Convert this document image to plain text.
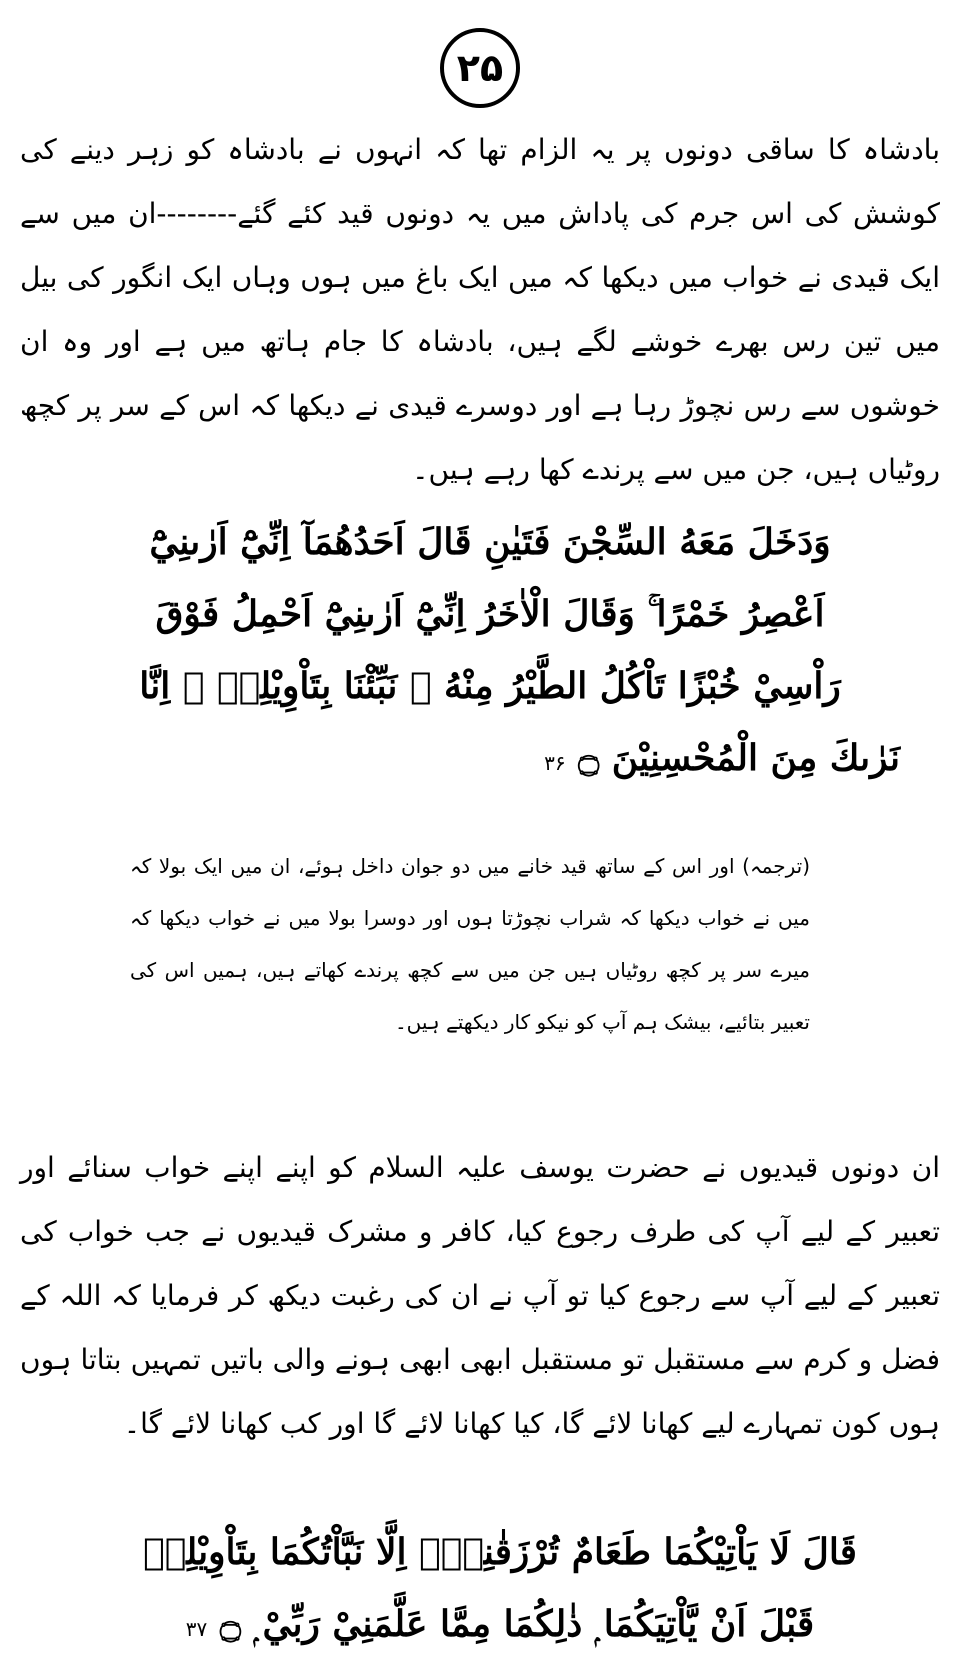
۲۵

بادشاہ کا ساقی دونوں پر یہ الزام تھا کہ انہوں نے بادشاہ کو زہر دینے کی کوشش کی اس جرم کی پاداش میں یہ دونوں قید کئے گئے--------ان میں سے ایک قیدی نے خواب میں دیکھا کہ میں ایک باغ میں ہوں وہاں ایک انگور کی بیل میں تین رس بھرے خوشے لگے ہیں، بادشاہ کا جام ہاتھ میں ہے اور وہ ان خوشوں سے رس نچوڑ رہا ہے اور دوسرے قیدی نے دیکھا کہ اس کے سر پر کچھ روٹیاں ہیں، جن میں سے پرندے کھا رہے ہیں۔

وَدَخَلَ مَعَهُ السِّجْنَ فَتَيٰنِ قَالَ اَحَدُهُمَآ اِنِّيْٓ اَرٰىنِيْٓ
اَعْصِرُ خَمْرًا ۚ وَقَالَ الْاٰخَرُ اِنِّيْٓ اَرٰىنِيْٓ اَحْمِلُ فَوْقَ
رَاْسِيْ خُبْزًا تَاْكُلُ الطَّيْرُ مِنْهُ ۭ نَبِّئْنَا بِتَاْوِيْلِهٖ ۚ اِنَّا
نَرٰىكَ مِنَ الْمُحْسِنِيْنَ ۝ ۳۶

(ترجمہ) اور اس کے ساتھ قید خانے میں دو جوان داخل ہوئے، ان میں ایک بولا کہ میں نے خواب دیکھا کہ شراب نچوڑتا ہوں اور دوسرا بولا میں نے خواب دیکھا کہ میرے سر پر کچھ روٹیاں ہیں جن میں سے کچھ پرندے کھاتے ہیں، ہمیں اس کی تعبیر بتائیے، بیشک ہم آپ کو نیکو کار دیکھتے ہیں۔

ان دونوں قیدیوں نے حضرت یوسف علیہ السلام کو اپنے اپنے خواب سنائے اور تعبیر کے لیے آپ کی طرف رجوع کیا، کافر و مشرک قیدیوں نے جب خواب کی تعبیر کے لیے آپ سے رجوع کیا تو آپ نے ان کی رغبت دیکھ کر فرمایا کہ اللہ کے فضل و کرم سے مستقبل تو مستقبل ابھی ابھی ہونے والی باتیں تمہیں بتاتا ہوں ہوں کون تمہارے لیے کھانا لائے گا، کیا کھانا لائے گا اور کب کھانا لائے گا۔

قَالَ لَا يَاْتِيْكُمَا طَعَامٌ تُرْزَقٰنِهٖٓ اِلَّا نَبَّاْتُكُمَا بِتَاْوِيْلِهٖ
قَبْلَ اَنْ يَّاْتِيَكُمَا ۭ ذٰلِكُمَا مِمَّا عَلَّمَنِيْ رَبِّيْ ۭ ۝ ۳۷
